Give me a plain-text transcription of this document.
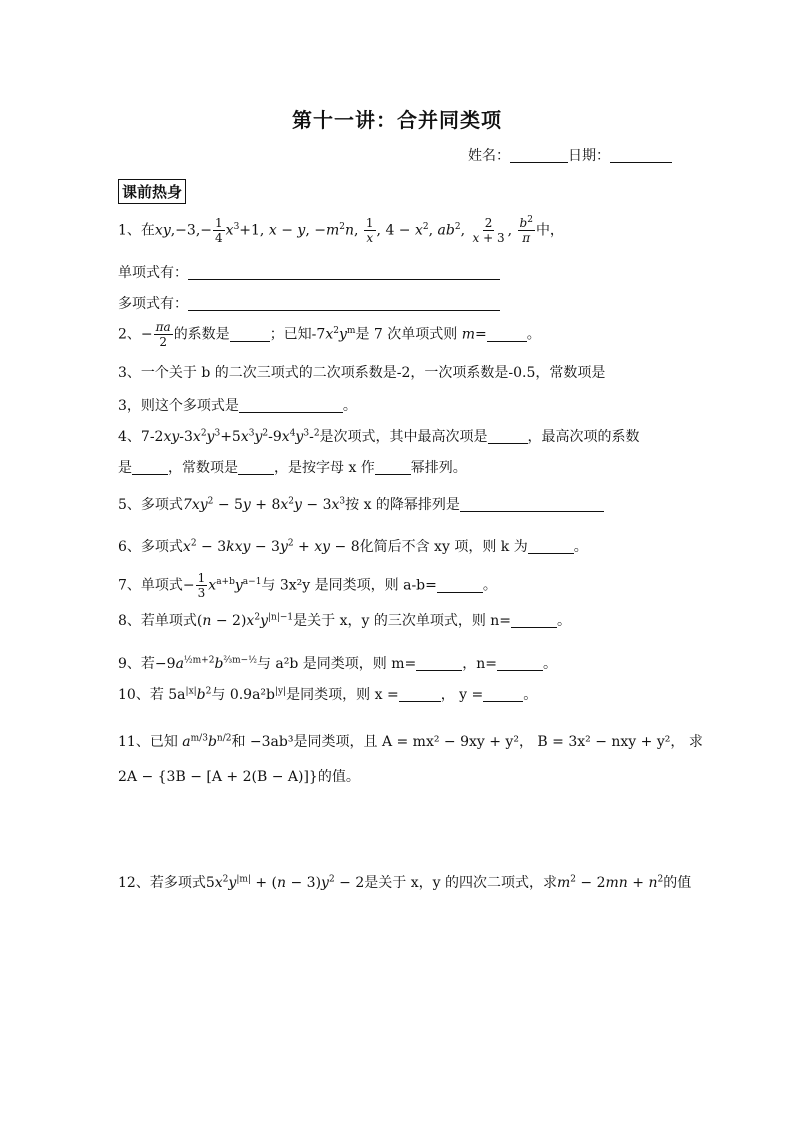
第十一讲：合并同类项
姓名：	日期：
课前热身
1、在$xy,-3,- \frac{1}{4} x^3+1$, x − y, $-m^2n$, $\frac{1}{x}$ , $4 - x^2$, $ab^2$, $\frac{2}{x + 3}$ , $\frac{b^2}{\pi}$ 中，
单项式有：
多项式有：
2、− $\frac{\pi a}{2}$ 的系数是	；已知$-7x^2y^m$是 7 次单项式则 m=	。
3、一个关于 b 的二次三项式的二次项系数是-2，一次项系数是-0.5，常数项是
3，则这个多项式是	。
4、$7-2xy-3x^2y^3+5x^3y^2-9x^4y^3-^2$是次项式，其中最高次项是	，最高次项的系数
是	，常数项是	，是按字母 x 作	幂排列。
5、多项式$7xy^2 - 5y + 8x^2y - 3x^3$按 x 的降幂排列是
6、多项式$x^2 - 3kxy - 3y^2$ + xy − 8化简后不含 xy 项，则 k 为	。
7、单项式− $\frac{1}{3} x^{a+b}y^{a-1}$与 3x²y 是同类项，则 a-b=	。
8、若单项式$(n - 2)x^2y^{|n|-1}$是关于 x，y 的三次单项式，则 n=	。
9、若$-9a^{\frac{1}{2}m+2}b^{\frac{2}{3}m-\frac{1}{2}}$与 a²b 是同类项，则 m=	，n=	。
10、若 $5a^{|x|}b^2$与 $0.9a^2b^{|y|}$是同类项，则 x =	， y =	。
11、已知 $a^{m/3}b^{n/2}$和 −3ab³是同类项，且 A = mx² − 9xy + y²， B = 3x² − nxy + y²， 求
2A − {3B − [A + 2(B − A)]}的值。
12、若多项式$5x^2y^{|m|} + (n - 3)y^2 - 2$是关于 x，y 的四次二项式，求$m^2 - 2mn + n^2$的值
